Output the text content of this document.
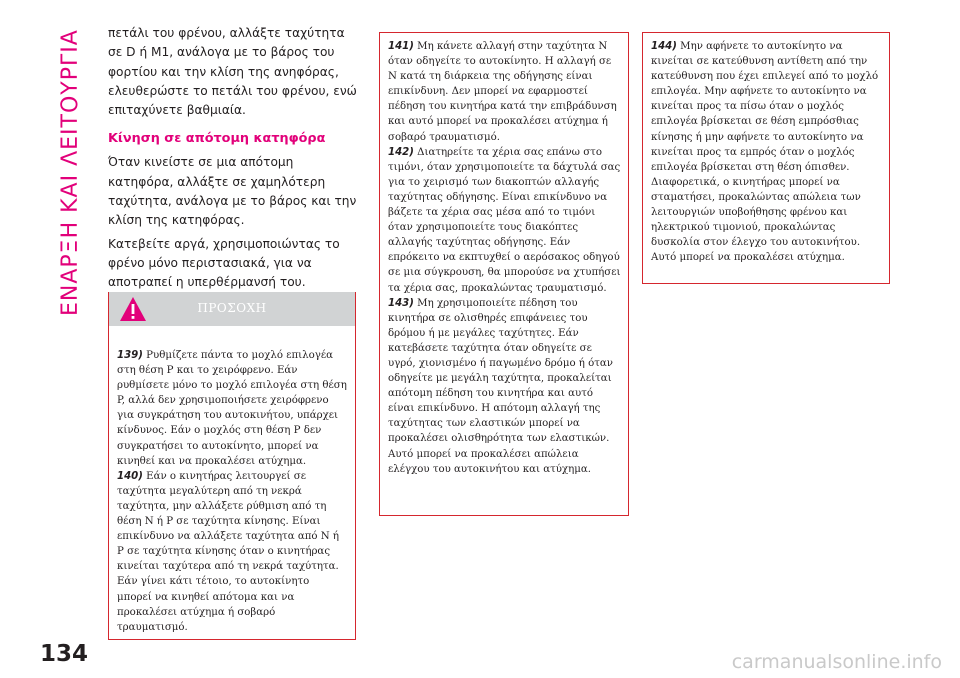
ΕΝΑΡΞΗ ΚΑΙ ΛΕΙΤΟΥΡΓΙΑ πετάλι του φρένου, αλλάξτε ταχύτητα σε D ή M1, ανάλογα με το βάρος του φορτίου και την κλίση της ανηφόρας, ελευθερώστε το πετάλι του φρένου, ενώ επιταχύνετε βαθμιαία.

Κίνηση σε απότομη κατηφόρα

Όταν κινείστε σε μια απότομη κατηφόρα, αλλάξτε σε χαμηλότερη ταχύτητα, ανάλογα με το βάρος και την κλίση της κατηφόρας.

Κατεβείτε αργά, χρησιμοποιώντας το φρένο μόνο περιστασιακά, για να αποτραπεί η υπερθέρμανσή του.

ΠΡΟΣΟΧΗ

139) Ρυθμίζετε πάντα το μοχλό επιλογέα στη θέση P και το χειρόφρενο. Εάν ρυθμίσετε μόνο το μοχλό επιλογέα στη θέση P, αλλά δεν χρησιμοποιήσετε χειρόφρενο για συγκράτηση του αυτοκινήτου, υπάρχει κίνδυνος. Εάν ο μοχλός στη θέση P δεν συγκρατήσει το αυτοκίνητο, μπορεί να κινηθεί και να προκαλέσει ατύχημα.

140) Εάν ο κινητήρας λειτουργεί σε ταχύτητα μεγαλύτερη από τη νεκρά ταχύτητα, μην αλλάξετε ρύθμιση από τη θέση N ή P σε ταχύτητα κίνησης. Είναι επικίνδυνο να αλλάξετε ταχύτητα από N ή P σε ταχύτητα κίνησης όταν ο κινητήρας κινείται ταχύτερα από τη νεκρά ταχύτητα. Εάν γίνει κάτι τέτοιο, το αυτοκίνητο μπορεί να κινηθεί απότομα και να προκαλέσει ατύχημα ή σοβαρό τραυματισμό.

141) Μη κάνετε αλλαγή στην ταχύτητα N όταν οδηγείτε το αυτοκίνητο. Η αλλαγή σε N κατά τη διάρκεια της οδήγησης είναι επικίνδυνη. Δεν μπορεί να εφαρμοστεί πέδηση του κινητήρα κατά την επιβράδυνση και αυτό μπορεί να προκαλέσει ατύχημα ή σοβαρό τραυματισμό.

142) Διατηρείτε τα χέρια σας επάνω στο τιμόνι, όταν χρησιμοποιείτε τα δάχτυλά σας για το χειρισμό των διακοπτών αλλαγής ταχύτητας οδήγησης. Είναι επικίνδυνο να βάζετε τα χέρια σας μέσα από το τιμόνι όταν χρησιμοποιείτε τους διακόπτες αλλαγής ταχύτητας οδήγησης. Εάν επρόκειτο να εκπτυχθεί ο αερόσακος οδηγού σε μια σύγκρουση, θα μπορούσε να χτυπήσει τα χέρια σας, προκαλώντας τραυματισμό.

143) Μη χρησιμοποιείτε πέδηση του κινητήρα σε ολισθηρές επιφάνειες του δρόμου ή με μεγάλες ταχύτητες. Εάν κατεβάσετε ταχύτητα όταν οδηγείτε σε υγρό, χιονισμένο ή παγωμένο δρόμο ή όταν οδηγείτε με μεγάλη ταχύτητα, προκαλείται απότομη πέδηση του κινητήρα και αυτό είναι επικίνδυνο. Η απότομη αλλαγή της ταχύτητας των ελαστικών μπορεί να προκαλέσει ολισθηρότητα των ελαστικών. Αυτό μπορεί να προκαλέσει απώλεια ελέγχου του αυτοκινήτου και ατύχημα.

144) Μην αφήνετε το αυτοκίνητο να κινείται σε κατεύθυνση αντίθετη από την κατεύθυνση που έχει επιλεγεί από το μοχλό επιλογέα. Μην αφήνετε το αυτοκίνητο να κινείται προς τα πίσω όταν ο μοχλός επιλογέα βρίσκεται σε θέση εμπρόσθιας κίνησης ή μην αφήνετε το αυτοκίνητο να κινείται προς τα εμπρός όταν ο μοχλός επιλογέα βρίσκεται στη θέση όπισθεν. Διαφορετικά, ο κινητήρας μπορεί να σταματήσει, προκαλώντας απώλεια των λειτουργιών υποβοήθησης φρένου και ηλεκτρικού τιμονιού, προκαλώντας δυσκολία στον έλεγχο του αυτοκινήτου. Αυτό μπορεί να προκαλέσει ατύχημα.

134	carmanualsonline.info
